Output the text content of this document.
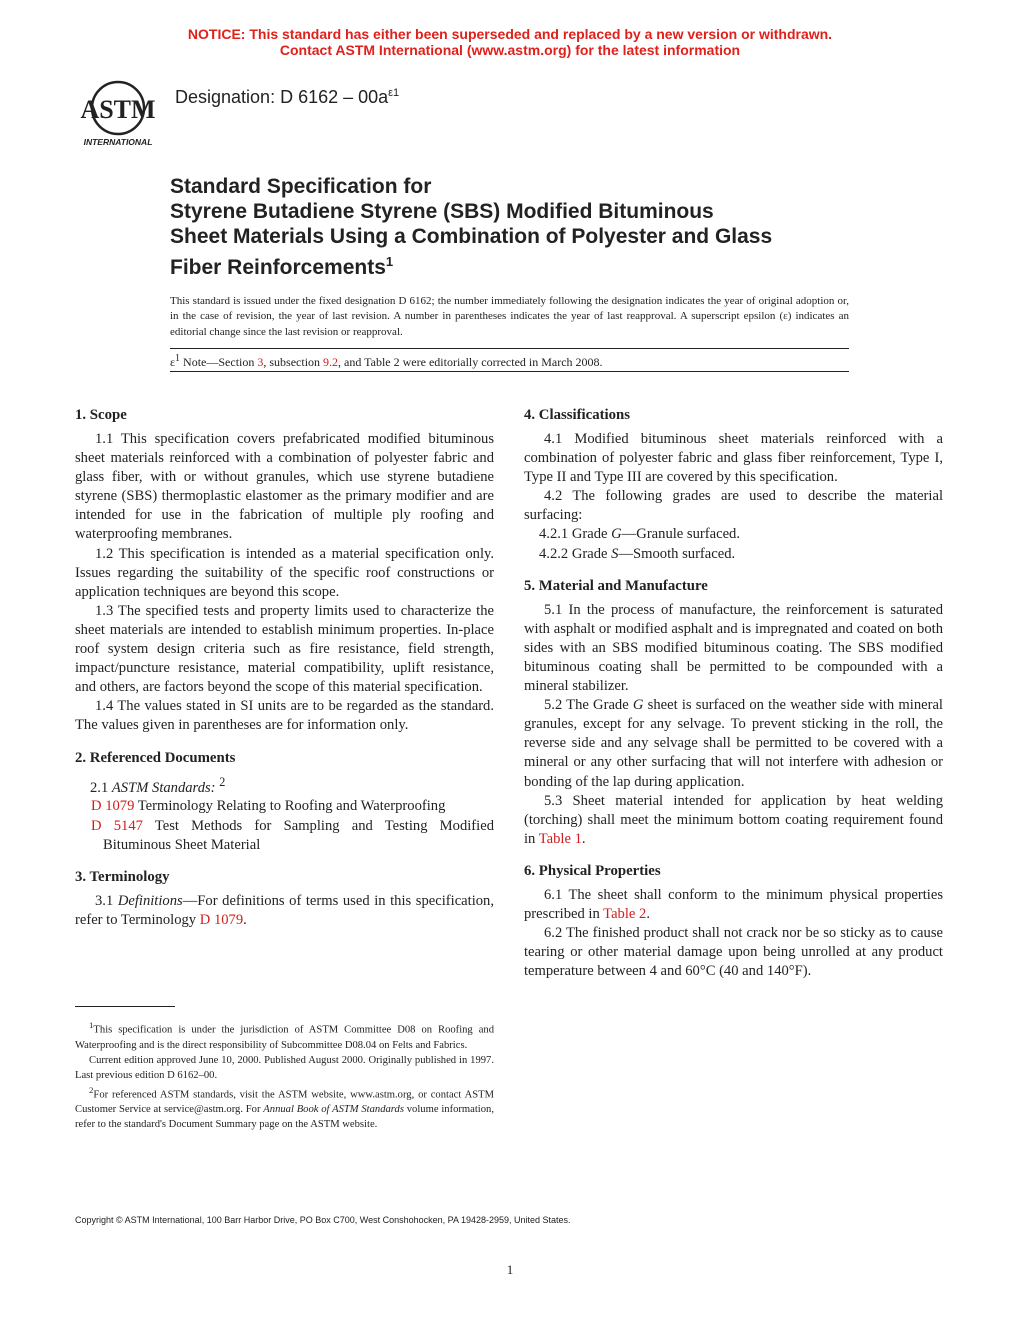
NOTICE: This standard has either been superseded and replaced by a new version or withdrawn.
Contact ASTM International (www.astm.org) for the latest information
ASTM
INTERNATIONAL
Designation: D $6162 - 00a^{\varepsilon 1}$
Standard Specification for
Styrene Butadiene Styrene (SBS) Modified Bituminous
Sheet Materials Using a Combination of Polyester and Glass
Fiber Reinforcements$^1$
This standard is issued under the fixed designation D 6162; the number immediately following the designation indicates the year of original adoption or, in the case of revision, the year of last revision. A number in parentheses indicates the year of last reapproval. A superscript epsilon (ε) indicates an editorial change since the last revision or reapproval.
$\varepsilon^1$ Note—Section 3, subsection 9.2, and Table 2 were editorially corrected in March 2008.
1. Scope

1.1 This specification covers prefabricated modified bituminous sheet materials reinforced with a combination of polyester fabric and glass fiber, with or without granules, which use styrene butadiene styrene (SBS) thermoplastic elastomer as the primary modifier and are intended for use in the fabrication of multiple ply roofing and waterproofing membranes.

1.2 This specification is intended as a material specification only. Issues regarding the suitability of the specific roof constructions or application techniques are beyond this scope.

1.3 The specified tests and property limits used to characterize the sheet materials are intended to establish minimum properties. In-place roof system design criteria such as fire resistance, field strength, impact/puncture resistance, material compatibility, uplift resistance, and others, are factors beyond the scope of this material specification.

1.4 The values stated in SI units are to be regarded as the standard. The values given in parentheses are for information only.

2. Referenced Documents

2.1 ASTM Standards: $^2$

D 1079 Terminology Relating to Roofing and Waterproofing

D 5147 Test Methods for Sampling and Testing Modified Bituminous Sheet Material

3. Terminology

3.1 Definitions—For definitions of terms used in this specification, refer to Terminology D 1079.

4. Classifications

4.1 Modified bituminous sheet materials reinforced with a combination of polyester fabric and glass fiber reinforcement, Type I, Type II and Type III are covered by this specification.

4.2 The following grades are used to describe the material surfacing:

4.2.1 Grade G—Granule surfaced.

4.2.2 Grade S—Smooth surfaced.

5. Material and Manufacture

5.1 In the process of manufacture, the reinforcement is saturated with asphalt or modified asphalt and is impregnated and coated on both sides with an SBS modified bituminous coating. The SBS modified bituminous coating shall be permitted to be compounded with a mineral stabilizer.

5.2 The Grade G sheet is surfaced on the weather side with mineral granules, except for any selvage. To prevent sticking in the roll, the reverse side and any selvage shall be permitted to be covered with a mineral or any other surfacing that will not interfere with adhesion or bonding of the lap during application.

5.3 Sheet material intended for application by heat welding (torching) shall meet the minimum bottom coating requirement found in Table 1.

6. Physical Properties

6.1 The sheet shall conform to the minimum physical properties prescribed in Table 2.

6.2 The finished product shall not crack nor be so sticky as to cause tearing or other material damage upon being unrolled at any product temperature between 4 and 60°C (40 and 140°F).

$^1$This specification is under the jurisdiction of ASTM Committee D08 on Roofing and Waterproofing and is the direct responsibility of Subcommittee D08.04 on Felts and Fabrics.

Current edition approved June 10, 2000. Published August 2000. Originally published in 1997. Last previous edition D 6162–00.

$^2$For referenced ASTM standards, visit the ASTM website, www.astm.org, or contact ASTM Customer Service at service@astm.org. For Annual Book of ASTM Standards volume information, refer to the standard's Document Summary page on the ASTM website.

Copyright © ASTM International, 100 Barr Harbor Drive, PO Box C700, West Conshohocken, PA 19428-2959, United States.
1
